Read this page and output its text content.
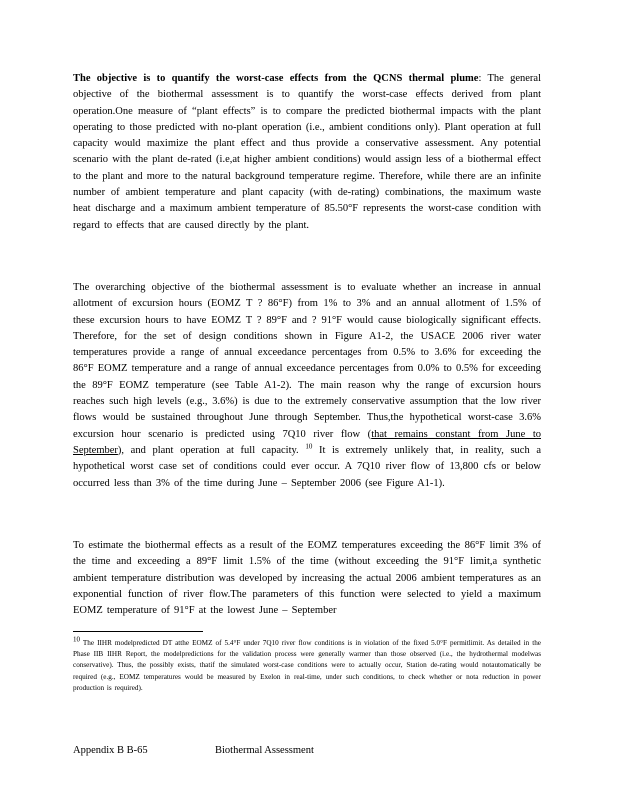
The objective is to quantify the worst-case effects from the QCNS thermal plume: The general objective of the biothermal assessment is to quantify the worst-case effects derived from plant operation.One measure of “plant effects” is to compare the predicted biothermal impacts with the plant operating to those predicted with no-plant operation (i.e., ambient conditions only). Plant operation at full capacity would maximize the plant effect and thus provide a conservative assessment. Any potential scenario with the plant de-rated (i.e,at higher ambient conditions) would assign less of a biothermal effect to the plant and more to the natural background temperature regime. Therefore, while there are an infinite number of ambient temperature and plant capacity (with de-rating) combinations, the maximum waste heat discharge and a maximum ambient temperature of 85.50°F represents the worst-case condition with regard to effects that are caused directly by the plant.

The overarching objective of the biothermal assessment is to evaluate whether an increase in annual allotment of excursion hours (EOMZ T ? 86°F) from 1% to 3% and an annual allotment of 1.5% of these excursion hours to have EOMZ T ? 89°F and ? 91°F would cause biologically significant effects. Therefore, for the set of design conditions shown in Figure A1-2, the USACE 2006 river water temperatures provide a range of annual exceedance percentages from 0.5% to 3.6% for exceeding the 86°F EOMZ temperature and a range of annual exceedance percentages from 0.0% to 0.5% for exceeding the 89°F EOMZ temperature (see Table A1-2). The main reason why the range of excursion hours reaches such high levels (e.g., 3.6%) is due to the extremely conservative assumption that the low river flows would be sustained throughout June through September. Thus,the hypothetical worst-case 3.6% excursion hour scenario is predicted using 7Q10 river flow (that remains constant from June to September), and plant operation at full capacity. $^{10}$ It is extremely unlikely that, in reality, such a hypothetical worst case set of conditions could ever occur. A 7Q10 river flow of 13,800 cfs or below occurred less than 3% of the time during June – September 2006 (see Figure A1-1).

To estimate the biothermal effects as a result of the EOMZ temperatures exceeding the 86°F limit 3% of the time and exceeding a 89°F limit 1.5% of the time (without exceeding the 91°F limit,a synthetic ambient temperature distribution was developed by increasing the actual 2006 ambient temperatures as an exponential function of river flow.The parameters of this function were selected to yield a maximum EOMZ temperature of 91°F at the lowest June – September

10 The IIHR modelpredicted DT atthe EOMZ of 5.4°F under 7Q10 river flow conditions is in violation of the fixed 5.0°F permitlimit. As detailed in the Phase IIB IIHR Report, the modelpredictions for the validation process were generally warmer than those observed (i.e., the hydrothermal modelwas conservative). Thus, the possibly exists, thatif the simulated worst-case conditions were to actually occur, Station de-rating would notautomatically be required (e.g., EOMZ temperatures would be measured by Exelon in real-time, under such conditions, to check whether or nota reduction in power production is required).

Appendix B B-65	Biothermal Assessment
